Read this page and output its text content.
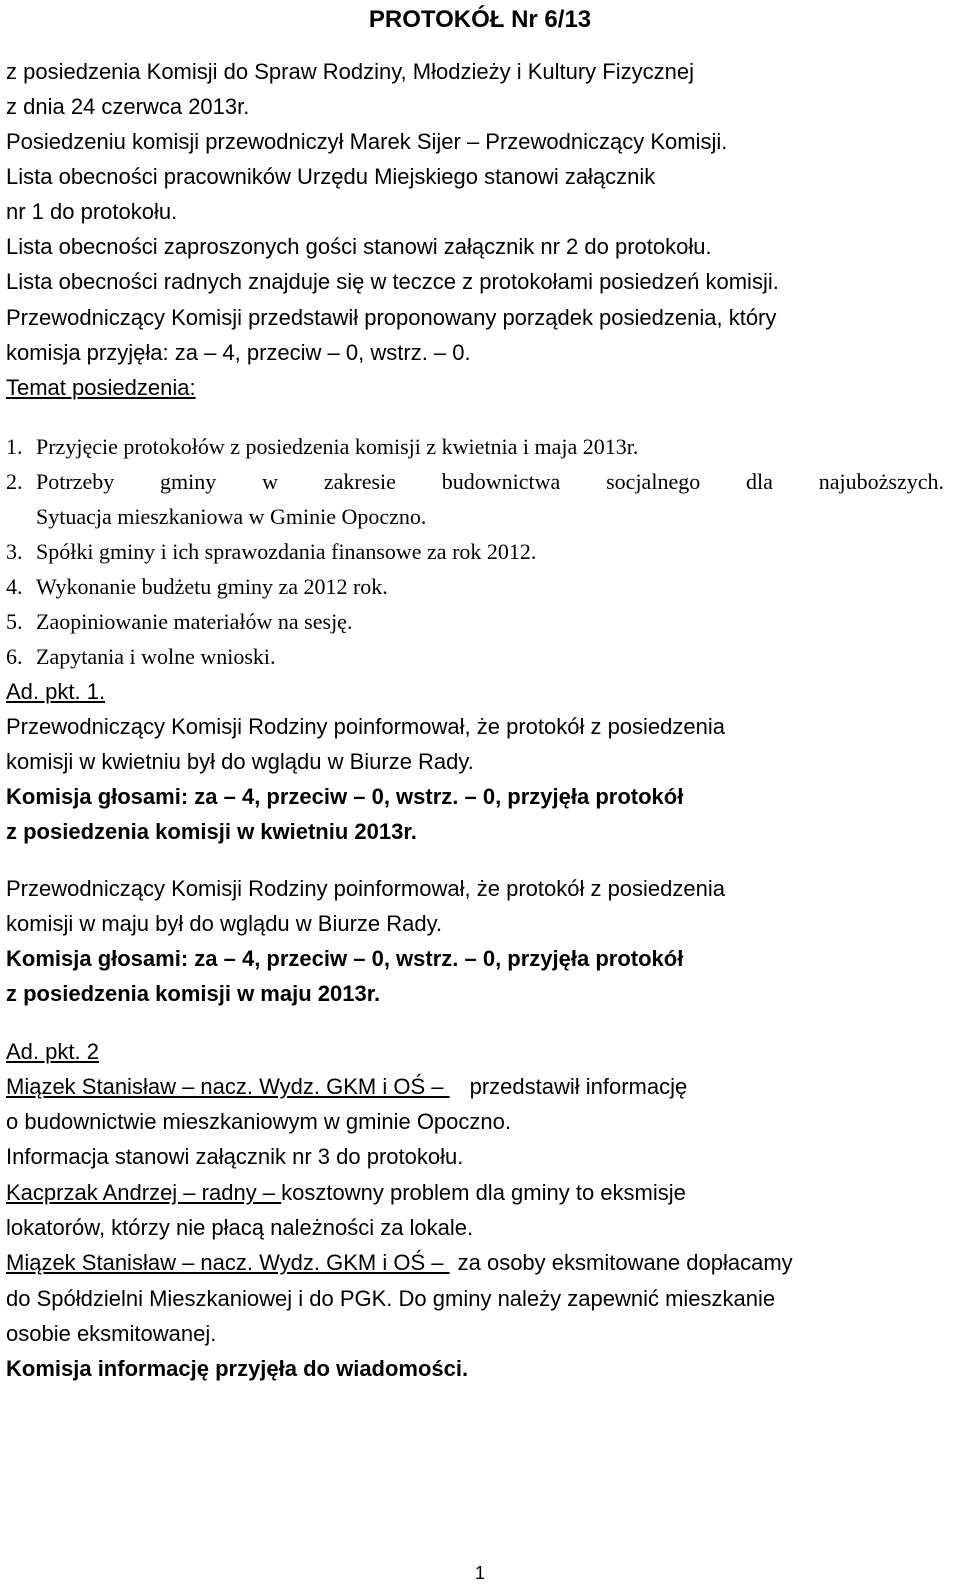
PROTOKÓŁ Nr 6/13
z posiedzenia Komisji do Spraw Rodziny, Młodzieży i Kultury Fizycznej
z dnia 24 czerwca 2013r.
Posiedzeniu komisji przewodniczył Marek Sijer – Przewodniczący Komisji.
Lista obecności pracowników Urzędu Miejskiego stanowi załącznik
nr 1 do protokołu.
Lista obecności zaproszonych gości stanowi załącznik nr 2 do protokołu.
Lista obecności radnych znajduje się w teczce z protokołami posiedzeń komisji.
Przewodniczący Komisji przedstawił proponowany porządek posiedzenia, który
komisja przyjęła: za – 4, przeciw – 0, wstrz. – 0.
Temat posiedzenia:
1. Przyjęcie protokołów z posiedzenia komisji z kwietnia i maja 2013r.
2. Potrzeby gminy w zakresie budownictwa socjalnego dla najuboższych.
Sytuacja mieszkaniowa w Gminie Opoczno.
3. Spółki gminy i ich sprawozdania finansowe za rok 2012.
4. Wykonanie budżetu gminy za 2012 rok.
5. Zaopiniowanie materiałów na sesję.
6. Zapytania i wolne wnioski.
Ad. pkt. 1.
Przewodniczący Komisji Rodziny poinformował, że protokół z posiedzenia
komisji w kwietniu był do wglądu w Biurze Rady.
Komisja głosami: za – 4, przeciw – 0, wstrz. – 0, przyjęła protokół
z posiedzenia komisji w kwietniu 2013r.
Przewodniczący Komisji Rodziny poinformował, że protokół z posiedzenia
komisji w maju był do wglądu w Biurze Rady.
Komisja głosami: za – 4, przeciw – 0, wstrz. – 0, przyjęła protokół
z posiedzenia komisji w maju 2013r.
Ad. pkt. 2
Miązek Stanisław – nacz. Wydz. GKM i OŚ – przedstawił informację
o budownictwie mieszkaniowym w gminie Opoczno.
Informacja stanowi załącznik nr 3 do protokołu.
Kacprzak Andrzej – radny – kosztowny problem dla gminy to eksmisje
lokatorów, którzy nie płacą należności za lokale.
Miązek Stanisław – nacz. Wydz. GKM i OŚ – za osoby eksmitowane dopłacamy
do Spółdzielni Mieszkaniowej i do PGK. Do gminy należy zapewnić mieszkanie
osobie eksmitowanej.
Komisja informację przyjęła do wiadomości.
1
